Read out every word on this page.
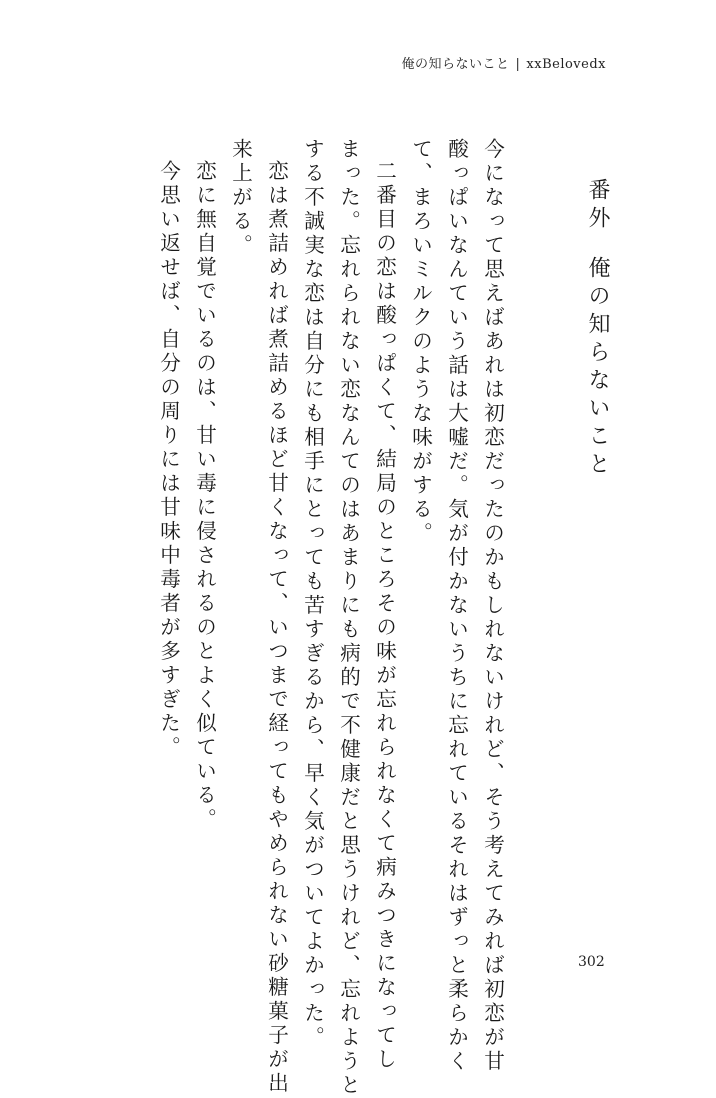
俺の知らないこと | xxBelovedx
番外俺の知らないこと
今になって思えばあれは初恋だったのかもしれないけれど、そう考えてみれば初恋が甘
酸っぱいなんていう話は大嘘だ。気が付かないうちに忘れているそれはずっと柔らかく
て、まろいミルクのような味がする。
二番目の恋は酸っぱくて、結局のところその味が忘れられなくて病みつきになってし
まった。忘れられない恋なんてのはあまりにも病的で不健康だと思うけれど、忘れようと
する不誠実な恋は自分にも相手にとっても苦すぎるから、早く気がついてよかった。
恋は煮詰めれば煮詰めるほど甘くなって、いつまで経ってもやめられない砂糖菓子が出
来上がる。
恋に無自覚でいるのは、甘い毒に侵されるのとよく似ている。
今思い返せば、自分の周りには甘味中毒者が多すぎた。
302
